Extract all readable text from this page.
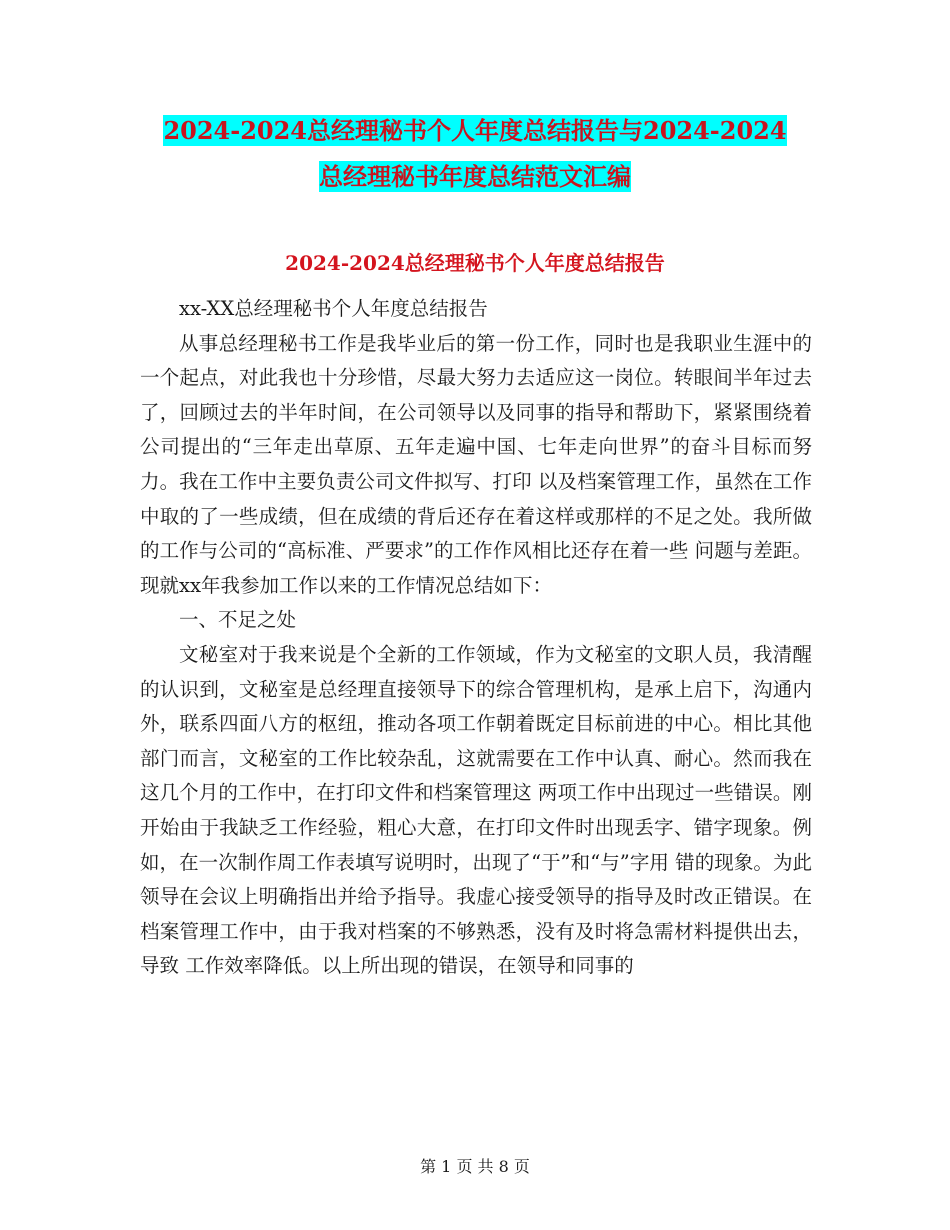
2024-2024总经理秘书个人年度总结报告与2024-2024
总经理秘书年度总结范文汇编
2024-2024总经理秘书个人年度总结报告

xx-XX总经理秘书个人年度总结报告

从事总经理秘书工作是我毕业后的第一份工作，同时也是我职业生涯中的一个起点，对此我也十分珍惜，尽最大努力去适应这一岗位。转眼间半年过去了，回顾过去的半年时间，在公司领导以及同事的指导和帮助下，紧紧围绕着公司提出的“三年走出草原、五年走遍中国、七年走向世界”的奋斗目标而努力。我在工作中主要负责公司文件拟写、打印 以及档案管理工作，虽然在工作中取的了一些成绩，但在成绩的背后还存在着这样或那样的不足之处。我所做的工作与公司的“高标准、严要求”的工作作风相比还存在着一些 问题与差距。现就xx年我参加工作以来的工作情况总结如下：

一、不足之处

文秘室对于我来说是个全新的工作领域，作为文秘室的文职人员，我清醒的认识到，文秘室是总经理直接领导下的综合管理机构，是承上启下，沟通内外，联系四面八方的枢纽，推动各项工作朝着既定目标前进的中心。相比其他部门而言，文秘室的工作比较杂乱，这就需要在工作中认真、耐心。然而我在这几个月的工作中，在打印文件和档案管理这 两项工作中出现过一些错误。刚开始由于我缺乏工作经验，粗心大意，在打印文件时出现丢字、错字现象。例如，在一次制作周工作表填写说明时，出现了“于”和“与”字用 错的现象。为此领导在会议上明确指出并给予指导。我虚心接受领导的指导及时改正错误。在档案管理工作中，由于我对档案的不够熟悉，没有及时将急需材料提供出去，导致 工作效率降低。以上所出现的错误，在领导和同事的

第 1 页 共 8 页
